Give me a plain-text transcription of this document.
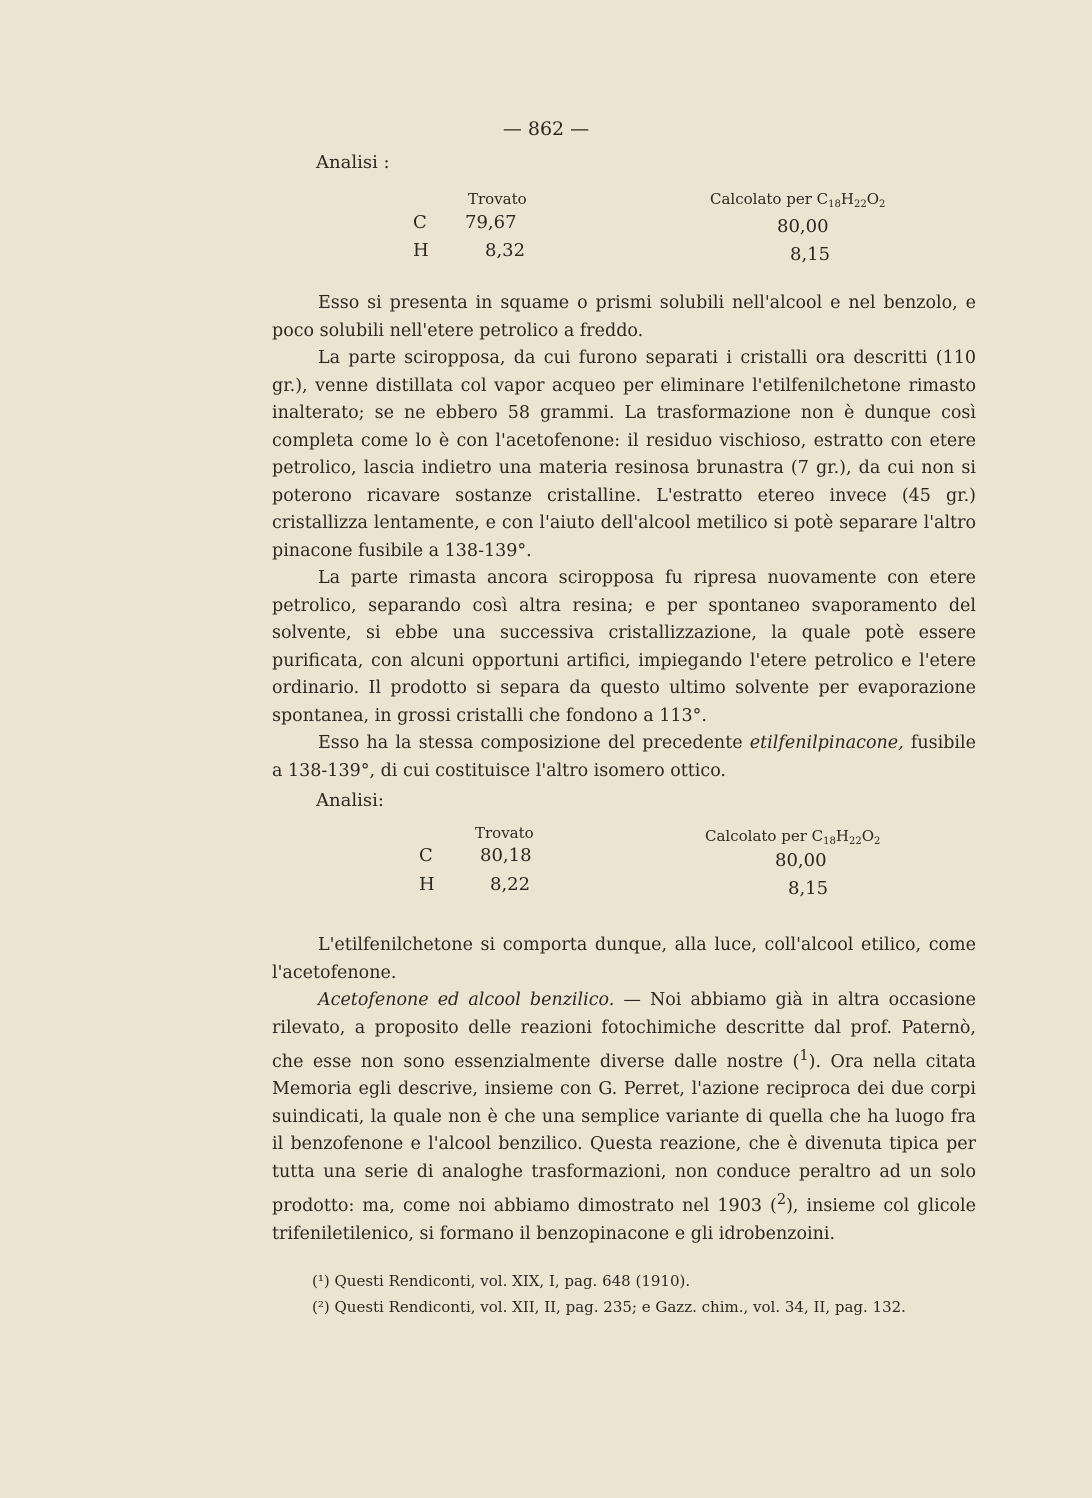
— 862 —
Analisi :
Trovato	Calcolato per $C_{18}H_{22}O_2$
C 79,67	80,00
H	8,32	8,15

Esso si presenta in squame o prismi solubili nell'alcool e nel benzolo, e poco solubili nell'etere petrolico a freddo.

La parte sciropposa, da cui furono separati i cristalli ora descritti (110 gr.), venne distillata col vapor acqueo per eliminare l'etilfenilchetone rimasto inalterato; se ne ebbero 58 grammi. La trasformazione non è dunque così completa come lo è con l'acetofenone: il residuo vischioso, estratto con etere petrolico, lascia indietro una materia resinosa brunastra (7 gr.), da cui non si poterono ricavare sostanze cristalline. L'estratto etereo invece (45 gr.) cristallizza lentamente, e con l'aiuto dell'alcool metilico si potè separare l'altro pinacone fusibile a 138-139°.

La parte rimasta ancora sciropposa fu ripresa nuovamente con etere petrolico, separando così altra resina; e per spontaneo svaporamento del solvente, si ebbe una successiva cristallizzazione, la quale potè essere purificata, con alcuni opportuni artifici, impiegando l'etere petrolico e l'etere ordinario. Il prodotto si separa da questo ultimo solvente per evaporazione spontanea, in grossi cristalli che fondono a 113°.

Esso ha la stessa composizione del precedente etilfenilpinacone, fusibile a 138-139°, di cui costituisce l'altro isomero ottico.

Analisi:
Trovato	Calcolato per $C_{18}H_{22}O_2$
C	80,18	80,00
H	8,22	8,15

L'etilfenilchetone si comporta dunque, alla luce, coll'alcool etilico, come l'acetofenone.

Acetofenone ed alcool benzilico. — Noi abbiamo già in altra occasione rilevato, a proposito delle reazioni fotochimiche descritte dal prof. Paternò, che esse non sono essenzialmente diverse dalle nostre ($^1$). Ora nella citata Memoria egli descrive, insieme con G. Perret, l'azione reciproca dei due corpi suindicati, la quale non è che una semplice variante di quella che ha luogo fra il benzofenone e l'alcool benzilico. Questa reazione, che è divenuta tipica per tutta una serie di analoghe trasformazioni, non conduce peraltro ad un solo prodotto: ma, come noi abbiamo dimostrato nel 1903 ($^2$), insieme col glicole trifeniletilenico, si formano il benzopinacone e gli idrobenzoini.

(¹) Questi Rendiconti, vol. XIX, I, pag. 648 (1910).

(²) Questi Rendiconti, vol. XII, II, pag. 235; e Gazz. chim., vol. 34, II, pag. 132.
